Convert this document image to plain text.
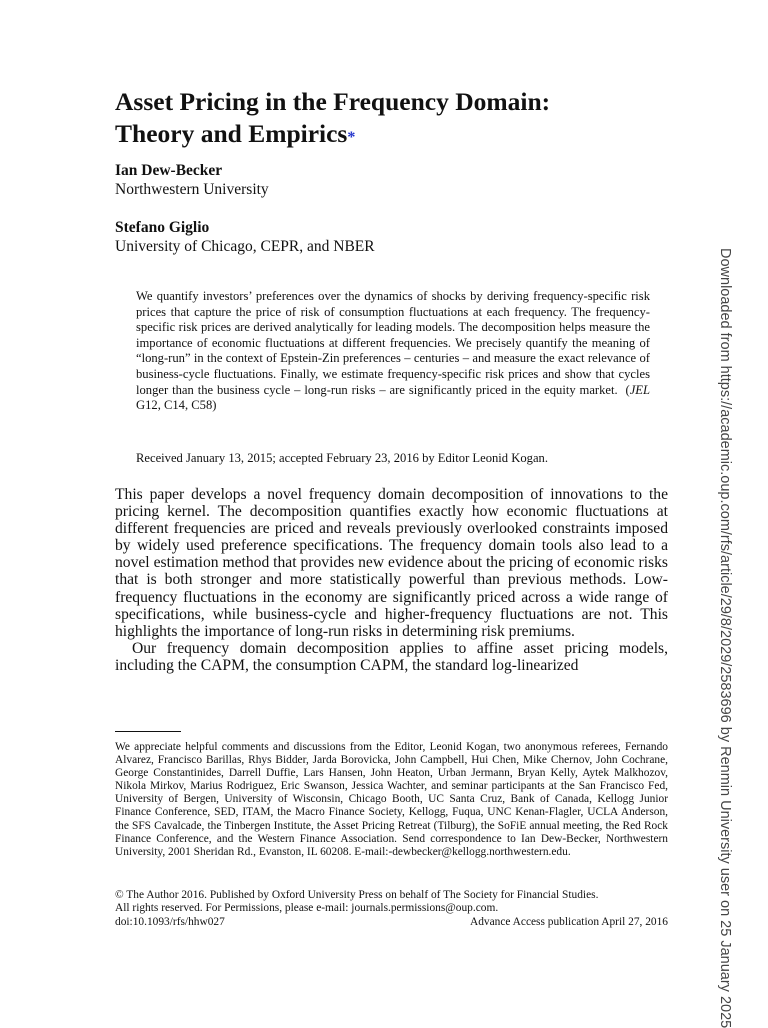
Asset Pricing in the Frequency Domain:
Theory and Empirics*

Ian Dew-Becker

Northwestern University

Stefano Giglio

University of Chicago, CEPR, and NBER

We quantify investors’ preferences over the dynamics of shocks by deriving frequency-specific risk prices that capture the price of risk of consumption fluctuations at each frequency. The frequency-specific risk prices are derived analytically for leading models. The decomposition helps measure the importance of economic fluctuations at different frequencies. We precisely quantify the meaning of “long-run” in the context of Epstein-Zin preferences – centuries – and measure the exact relevance of business-cycle fluctuations. Finally, we estimate frequency-specific risk prices and show that cycles longer than the business cycle – long-run risks – are significantly priced in the equity market.  (JEL G12, C14, C58)

Received January 13, 2015; accepted February 23, 2016 by Editor Leonid Kogan.

This paper develops a novel frequency domain decomposition of innovations to the pricing kernel. The decomposition quantifies exactly how economic fluctuations at different frequencies are priced and reveals previously overlooked constraints imposed by widely used preference specifications. The frequency domain tools also lead to a novel estimation method that provides new evidence about the pricing of economic risks that is both stronger and more statistically powerful than previous methods. Low-frequency fluctuations in the economy are significantly priced across a wide range of specifications, while business-cycle and higher-frequency fluctuations are not. This highlights the importance of long-run risks in determining risk premiums.

Our frequency domain decomposition applies to affine asset pricing models, including the CAPM, the consumption CAPM, the standard log-linearized

We appreciate helpful comments and discussions from the Editor, Leonid Kogan, two anonymous referees, Fernando Alvarez, Francisco Barillas, Rhys Bidder, Jarda Borovicka, John Campbell, Hui Chen, Mike Chernov, John Cochrane, George Constantinides, Darrell Duffie, Lars Hansen, John Heaton, Urban Jermann, Bryan Kelly, Aytek Malkhozov, Nikola Mirkov, Marius Rodriguez, Eric Swanson, Jessica Wachter, and seminar participants at the San Francisco Fed, University of Bergen, University of Wisconsin, Chicago Booth, UC Santa Cruz, Bank of Canada, Kellogg Junior Finance Conference, SED, ITAM, the Macro Finance Society, Kellogg, Fuqua, UNC Kenan-Flagler, UCLA Anderson, the SFS Cavalcade, the Tinbergen Institute, the Asset Pricing Retreat (Tilburg), the SoFiE annual meeting, the Red Rock Finance Conference, and the Western Finance Association. Send correspondence to Ian Dew-Becker, Northwestern University, 2001 Sheridan Rd., Evanston, IL 60208. E-mail:-dewbecker@kellogg.northwestern.edu.

© The Author 2016. Published by Oxford University Press on behalf of The Society for Financial Studies.
All rights reserved. For Permissions, please e-mail: journals.permissions@oup.com.
doi:10.1093/rfs/hhw027	Advance Access publication April 27, 2016	Downloaded from https://academic.oup.com/rfs/article/29/8/2029/2583696 by Renmin University user on 25 January 2025
